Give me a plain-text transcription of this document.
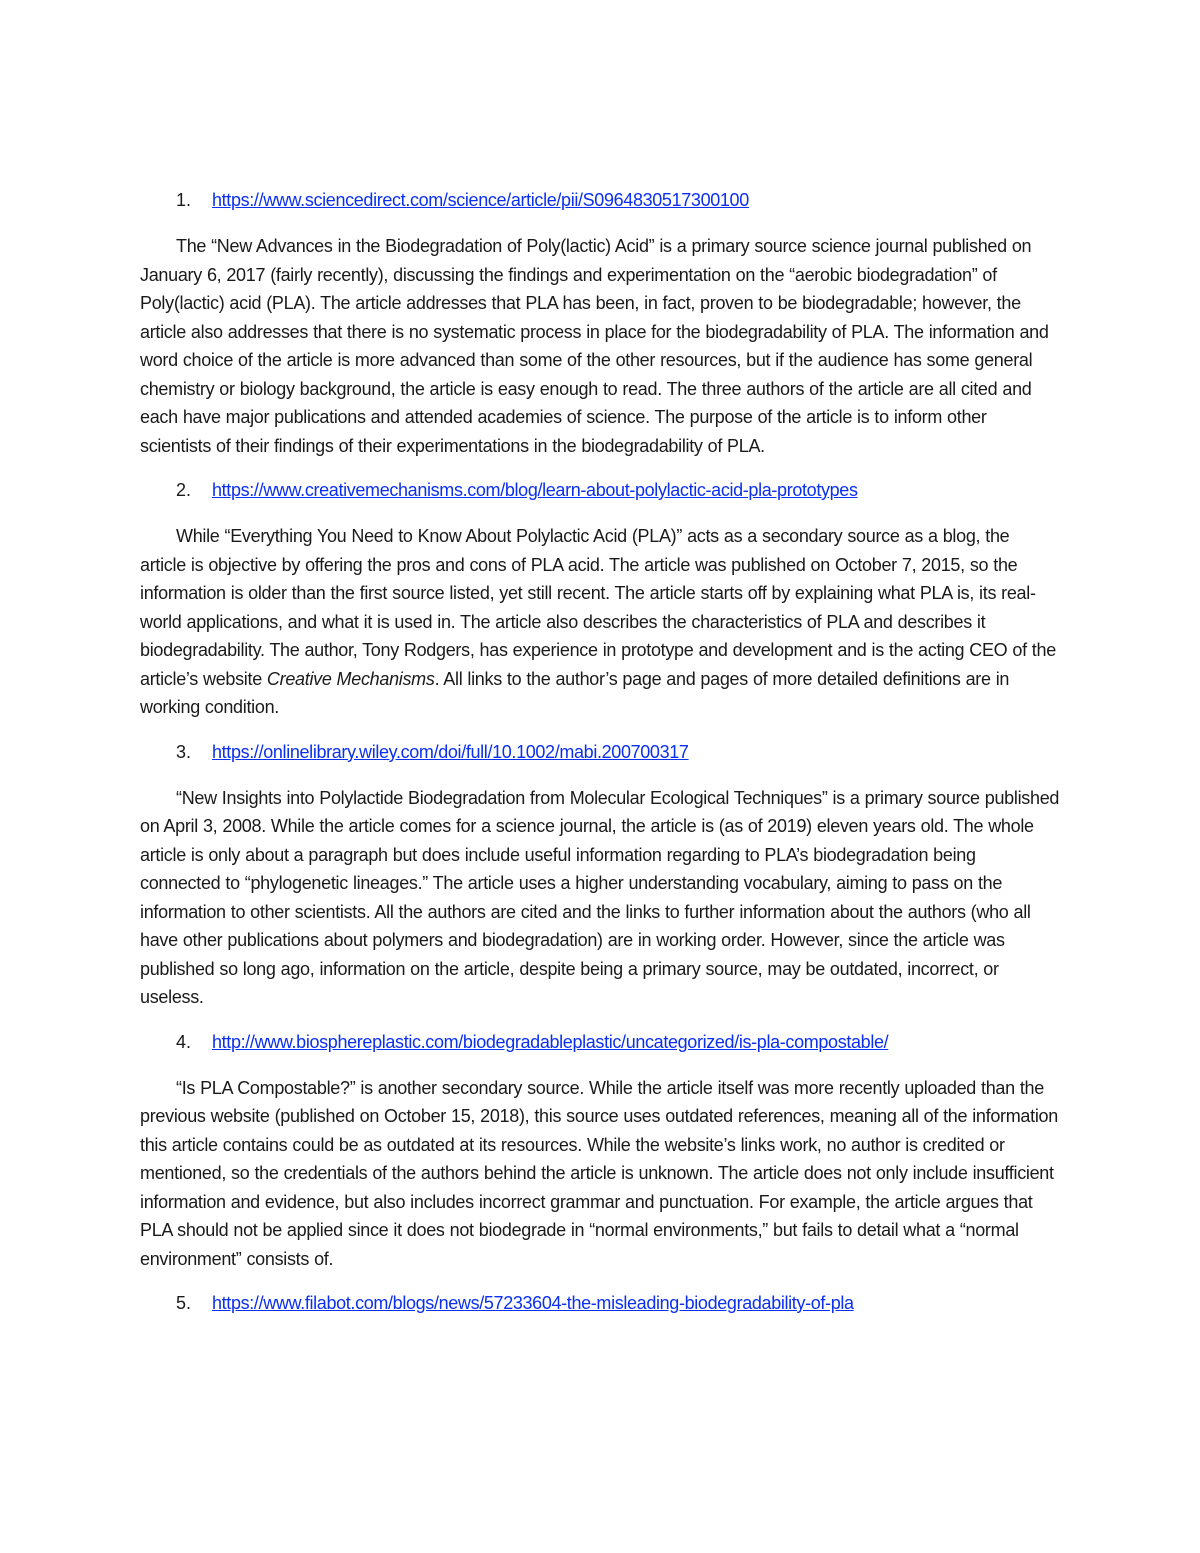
1. https://www.sciencedirect.com/science/article/pii/S0964830517300100

The “New Advances in the Biodegradation of Poly(lactic) Acid” is a primary source science journal published on January 6, 2017 (fairly recently), discussing the findings and experimentation on the “aerobic biodegradation” of Poly(lactic) acid (PLA). The article addresses that PLA has been, in fact, proven to be biodegradable; however, the article also addresses that there is no systematic process in place for the biodegradability of PLA. The information and word choice of the article is more advanced than some of the other resources, but if the audience has some general chemistry or biology background, the article is easy enough to read. The three authors of the article are all cited and each have major publications and attended academies of science. The purpose of the article is to inform other scientists of their findings of their experimentations in the biodegradability of PLA.

2. https://www.creativemechanisms.com/blog/learn-about-polylactic-acid-pla-prototypes

While “Everything You Need to Know About Polylactic Acid (PLA)” acts as a secondary source as a blog, the article is objective by offering the pros and cons of PLA acid. The article was published on October 7, 2015, so the information is older than the first source listed, yet still recent. The article starts off by explaining what PLA is, its real-world applications, and what it is used in. The article also describes the characteristics of PLA and describes it biodegradability. The author, Tony Rodgers, has experience in prototype and development and is the acting CEO of the article’s website Creative Mechanisms. All links to the author’s page and pages of more detailed definitions are in working condition.

3. https://onlinelibrary.wiley.com/doi/full/10.1002/mabi.200700317

“New Insights into Polylactide Biodegradation from Molecular Ecological Techniques” is a primary source published on April 3, 2008. While the article comes for a science journal, the article is (as of 2019) eleven years old. The whole article is only about a paragraph but does include useful information regarding to PLA’s biodegradation being connected to “phylogenetic lineages.” The article uses a higher understanding vocabulary, aiming to pass on the information to other scientists. All the authors are cited and the links to further information about the authors (who all have other publications about polymers and biodegradation) are in working order. However, since the article was published so long ago, information on the article, despite being a primary source, may be outdated, incorrect, or useless.

4. http://www.biosphereplastic.com/biodegradableplastic/uncategorized/is-pla-compostable/

“Is PLA Compostable?” is another secondary source. While the article itself was more recently uploaded than the previous website (published on October 15, 2018), this source uses outdated references, meaning all of the information this article contains could be as outdated at its resources. While the website’s links work, no author is credited or mentioned, so the credentials of the authors behind the article is unknown. The article does not only include insufficient information and evidence, but also includes incorrect grammar and punctuation. For example, the article argues that PLA should not be applied since it does not biodegrade in “normal environments,” but fails to detail what a “normal environment” consists of.

5. https://www.filabot.com/blogs/news/57233604-the-misleading-biodegradability-of-pla
